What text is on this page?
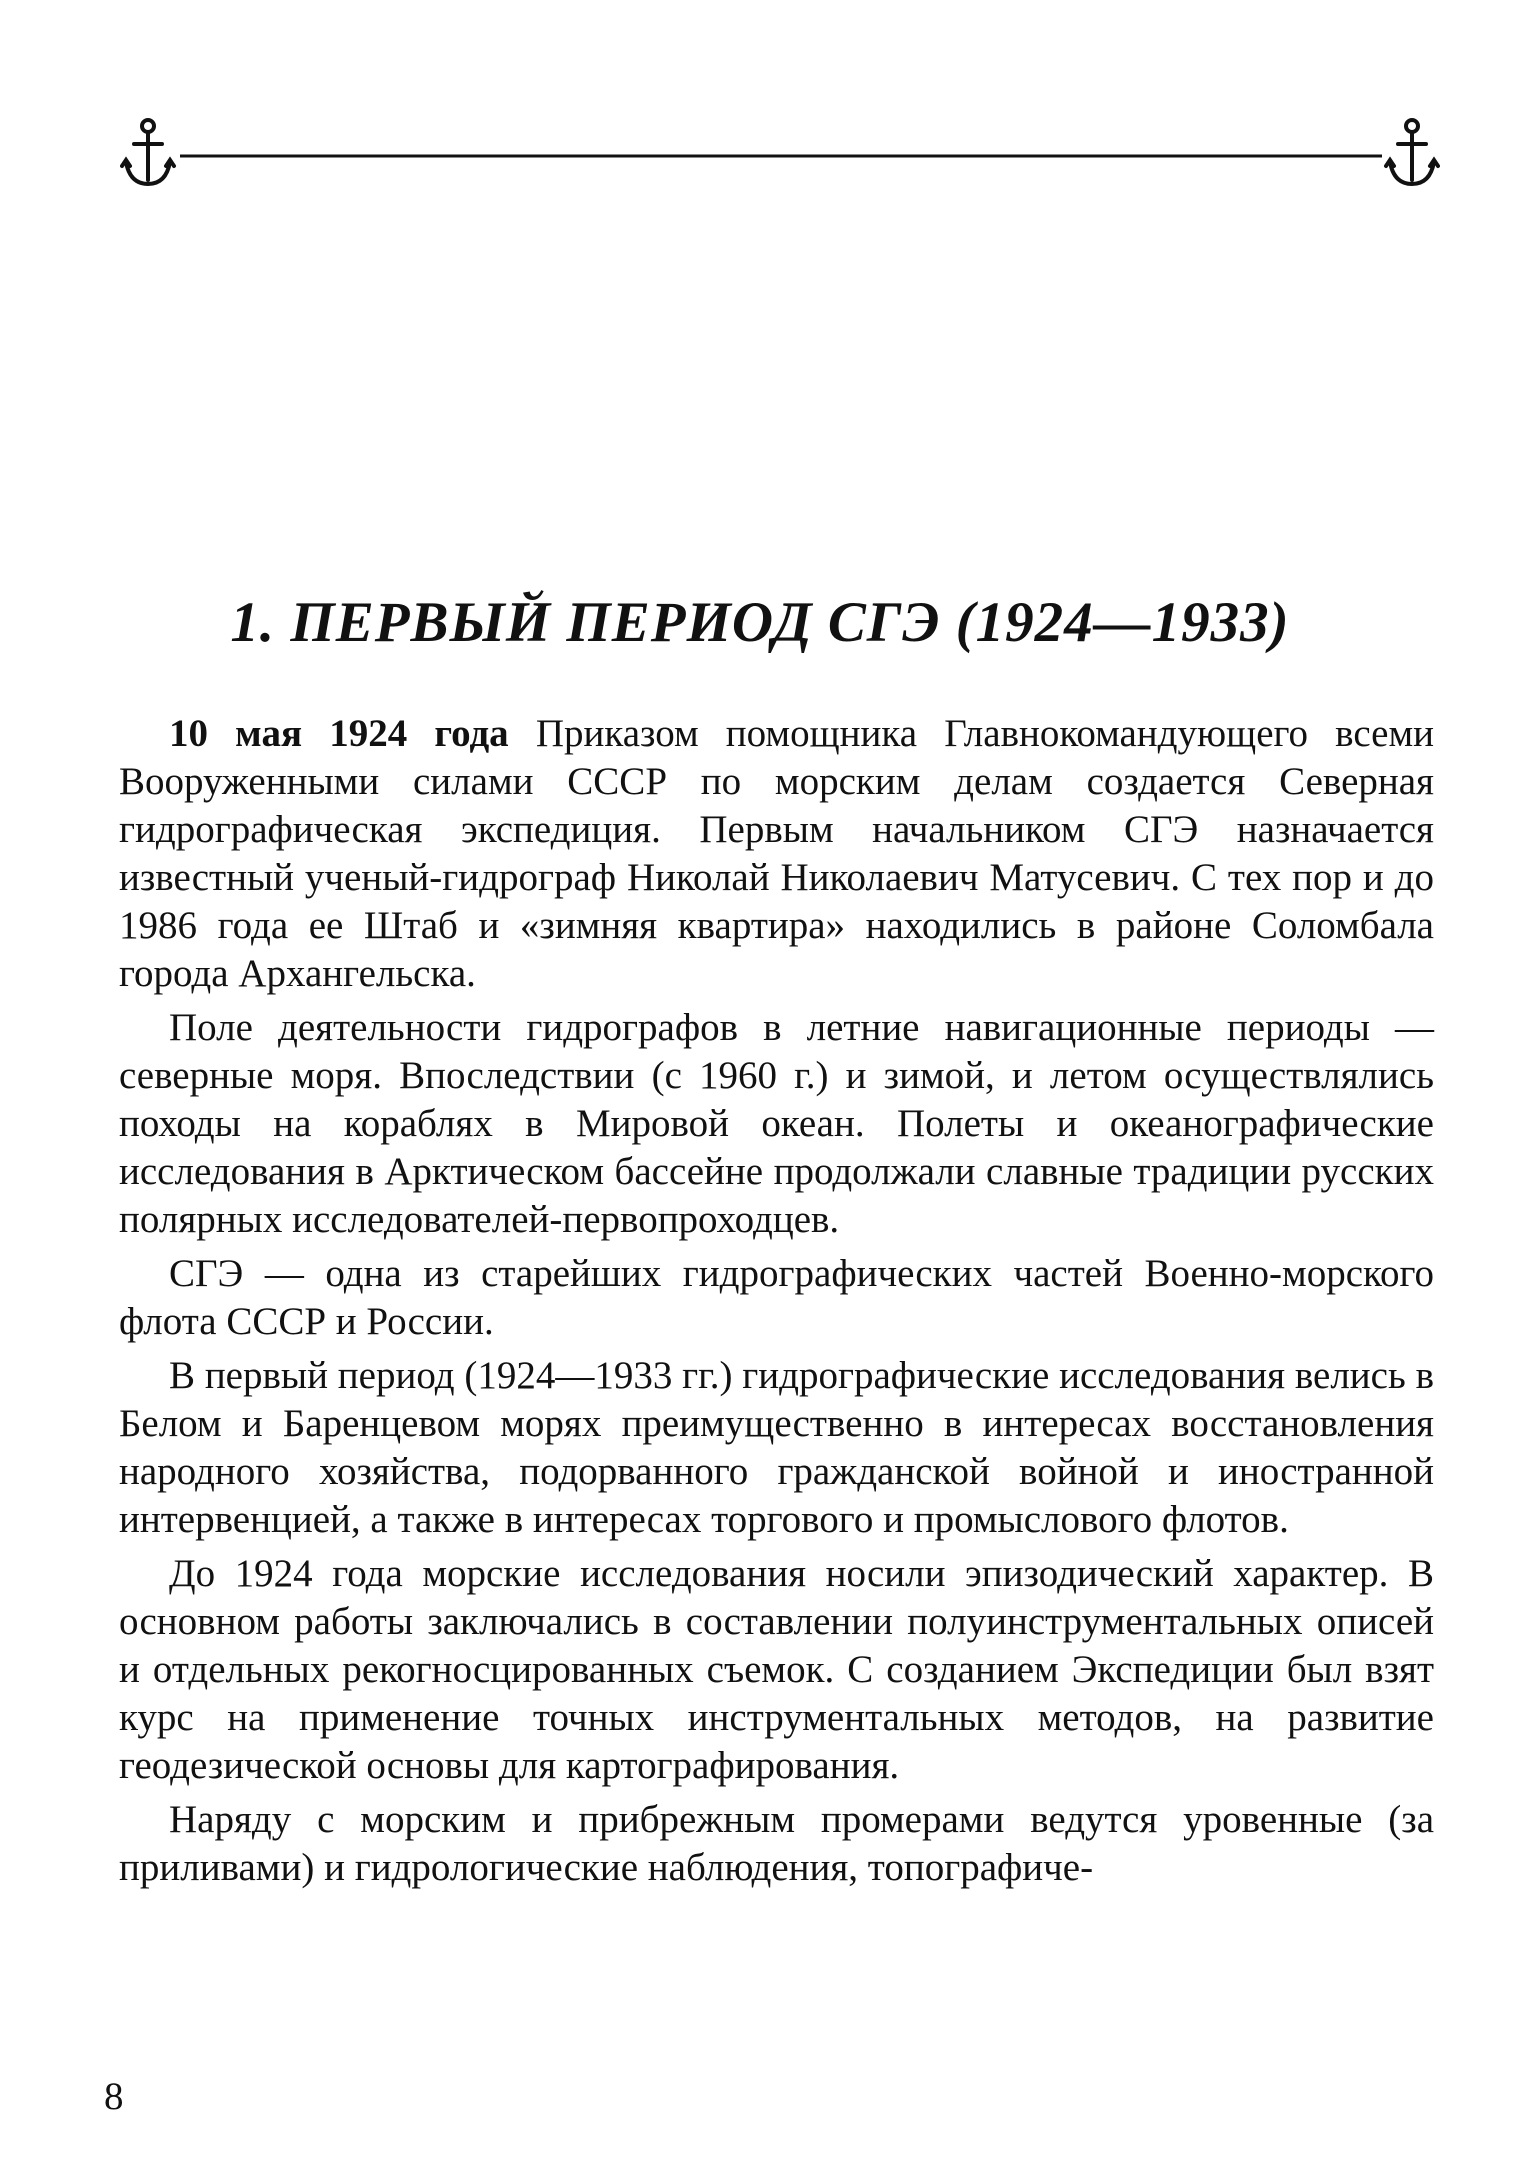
1. ПЕРВЫЙ ПЕРИОД СГЭ (1924—1933)

10 мая 1924 года Приказом помощника Главнокомандующего всеми Вооруженными силами СССР по морским делам создается Северная гидрографическая экспедиция. Первым начальником СГЭ назначается известный ученый-гидрограф Николай Николаевич Матусевич. С тех пор и до 1986 года ее Штаб и «зимняя квартира» находились в районе Соломбала города Архангельска.

Поле деятельности гидрографов в летние навигационные периоды — северные моря. Впоследствии (с 1960 г.) и зимой, и летом осуществлялись походы на кораблях в Мировой океан. Полеты и океанографические исследования в Арктическом бассейне продолжали славные традиции русских полярных исследователей-первопроходцев.

СГЭ — одна из старейших гидрографических частей Военно-морского флота СССР и России.

В первый период (1924—1933 гг.) гидрографические исследования велись в Белом и Баренцевом морях преимущественно в интересах восстановления народного хозяйства, подорванного гражданской войной и иностранной интервенцией, а также в интересах торгового и промыслового флотов.

До 1924 года морские исследования носили эпизодический характер. В основном работы заключались в составлении полуинструментальных описей и отдельных рекогносцированных съемок. С созданием Экспедиции был взят курс на применение точных инструментальных методов, на развитие геодезической основы для картографирования.

Наряду с морским и прибрежным промерами ведутся уровенные (за приливами) и гидрологические наблюдения, топографиче-

8
